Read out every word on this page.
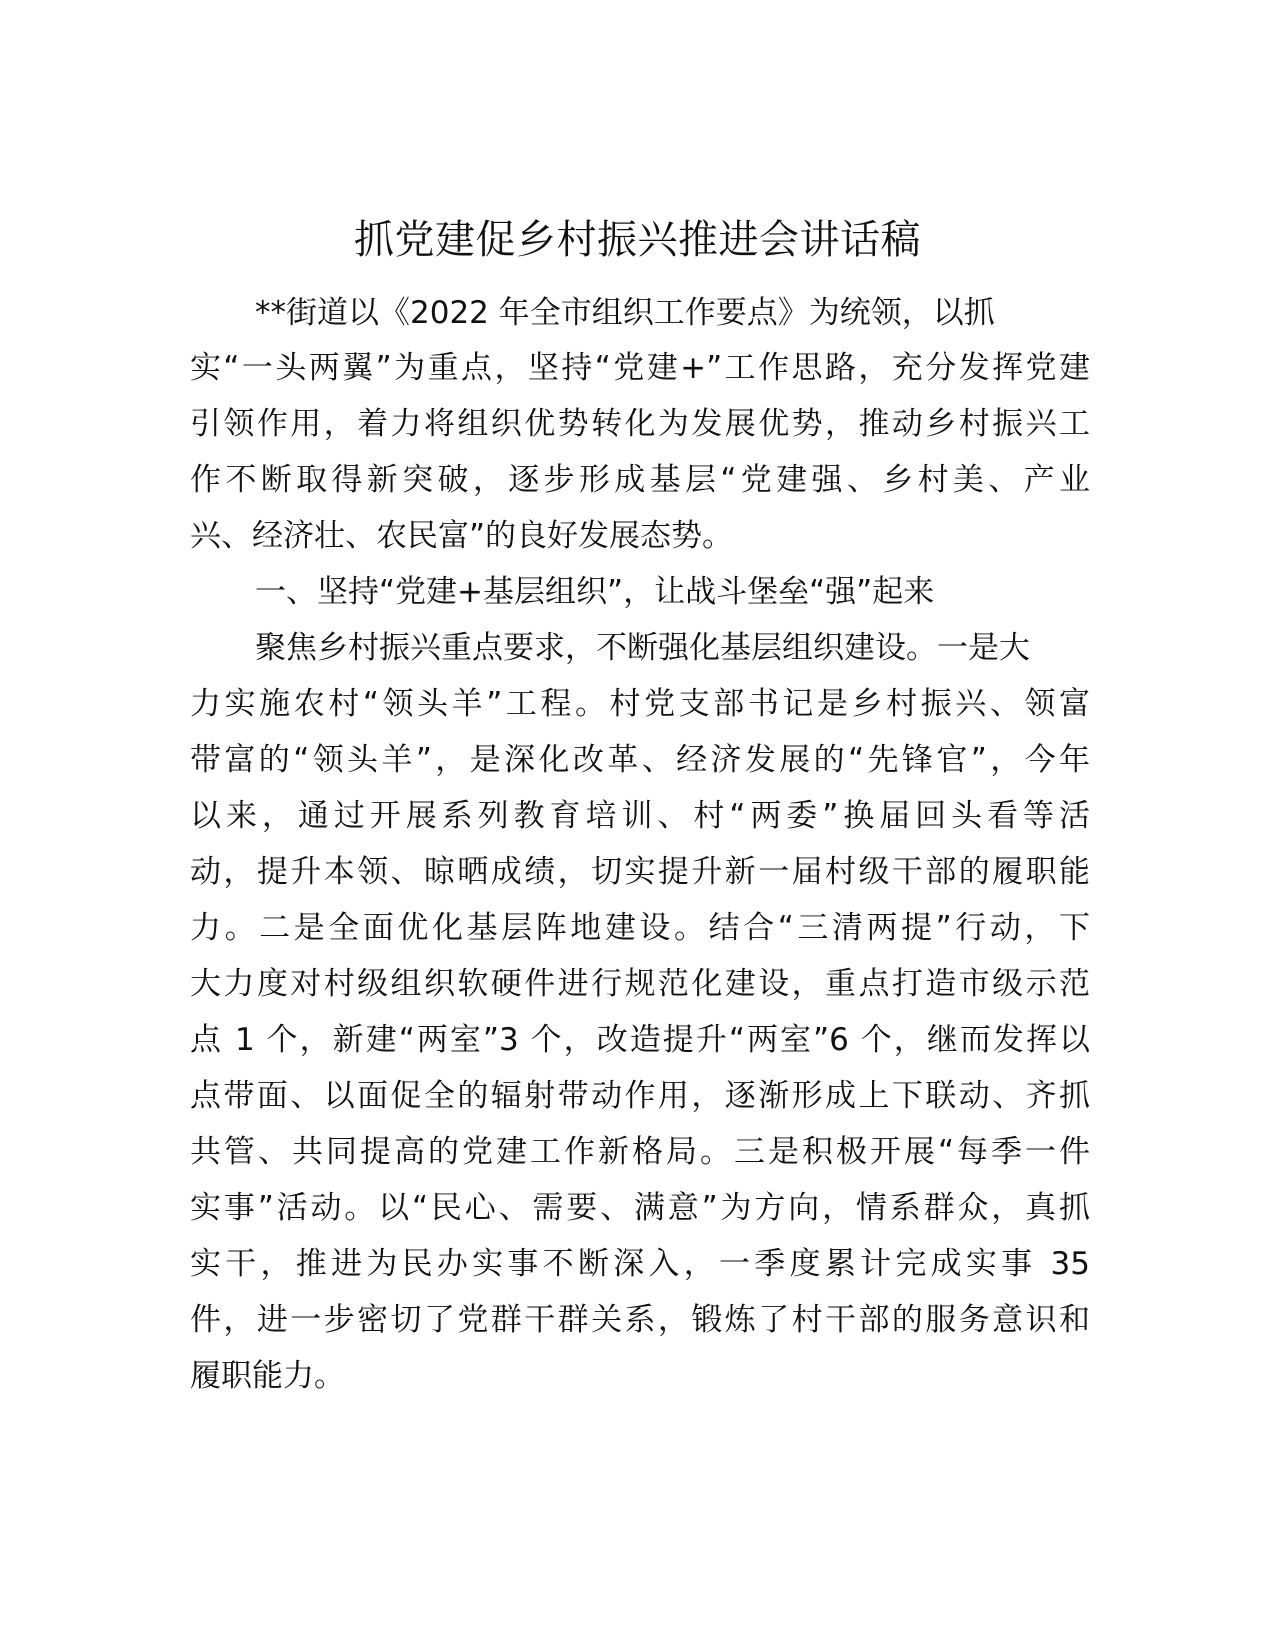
抓党建促乡村振兴推进会讲话稿
**街道以《2022 年全市组织工作要点》为统领，以抓
实“一头两翼”为重点，坚持“党建+”工作思路，充分发挥党建
引领作用，着力将组织优势转化为发展优势，推动乡村振兴工
作不断取得新突破，逐步形成基层“党建强、乡村美、产业
兴、经济壮、农民富”的良好发展态势。
一、坚持“党建+基层组织”，让战斗堡垒“强”起来
聚焦乡村振兴重点要求，不断强化基层组织建设。一是大
力实施农村“领头羊”工程。村党支部书记是乡村振兴、领富
带富的“领头羊”，是深化改革、经济发展的“先锋官”，今年
以来，通过开展系列教育培训、村“两委”换届回头看等活
动，提升本领、晾晒成绩，切实提升新一届村级干部的履职能
力。二是全面优化基层阵地建设。结合“三清两提”行动，下
大力度对村级组织软硬件进行规范化建设，重点打造市级示范
点 1 个，新建“两室”3 个，改造提升“两室”6 个，继而发挥以
点带面、以面促全的辐射带动作用，逐渐形成上下联动、齐抓
共管、共同提高的党建工作新格局。三是积极开展“每季一件
实事”活动。以“民心、需要、满意”为方向，情系群众，真抓
实干，推进为民办实事不断深入，一季度累计完成实事 35
件，进一步密切了党群干群关系，锻炼了村干部的服务意识和
履职能力。
